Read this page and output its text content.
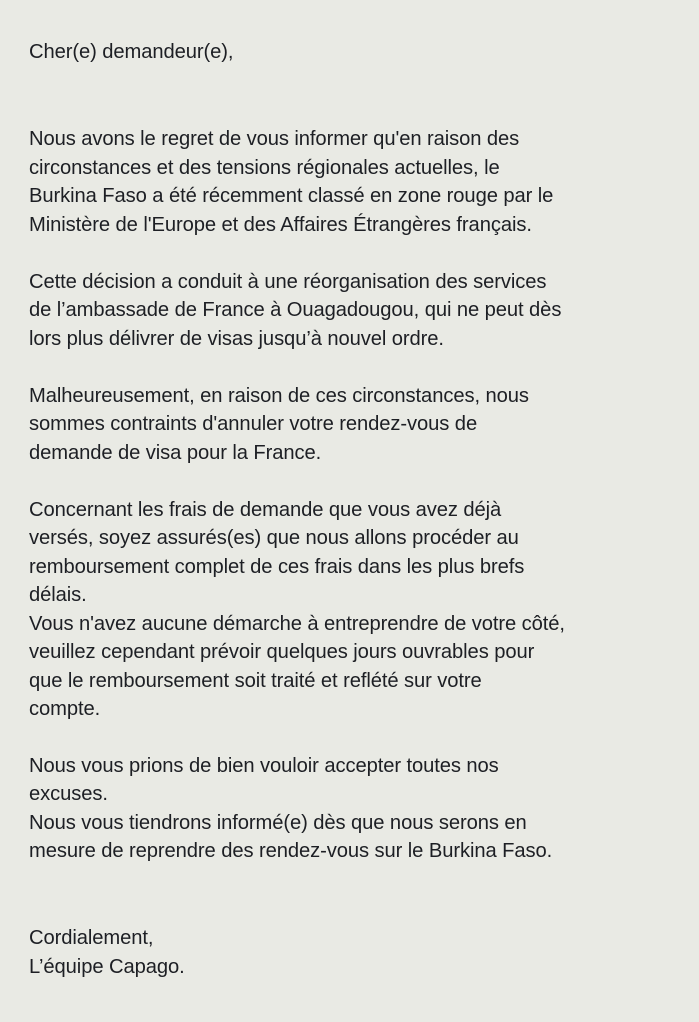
Cher(e) demandeur(e),
Nous avons le regret de vous informer qu'en raison des
circonstances et des tensions régionales actuelles, le
Burkina Faso a été récemment classé en zone rouge par le
Ministère de l'Europe et des Affaires Étrangères français.
Cette décision a conduit à une réorganisation des services
de l’ambassade de France à Ouagadougou, qui ne peut dès
lors plus délivrer de visas jusqu’à nouvel ordre.
Malheureusement, en raison de ces circonstances, nous
sommes contraints d'annuler votre rendez-vous de
demande de visa pour la France.
Concernant les frais de demande que vous avez déjà
versés, soyez assurés(es) que nous allons procéder au
remboursement complet de ces frais dans les plus brefs
délais.
Vous n'avez aucune démarche à entreprendre de votre côté,
veuillez cependant prévoir quelques jours ouvrables pour
que le remboursement soit traité et reflété sur votre
compte.
Nous vous prions de bien vouloir accepter toutes nos
excuses.
Nous vous tiendrons informé(e) dès que nous serons en
mesure de reprendre des rendez-vous sur le Burkina Faso.
Cordialement,
L’équipe Capago.
